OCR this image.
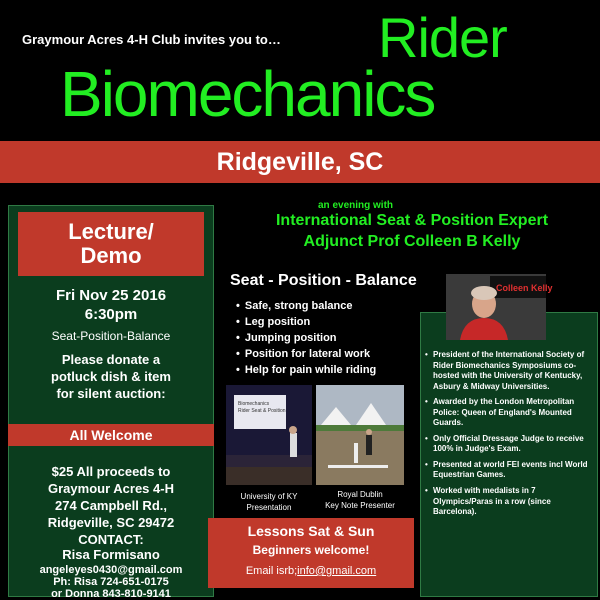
Graymour Acres 4-H Club invites you to… Rider
Biomechanics
Ridgeville, SC
an evening with
International Seat & Position Expert
Adjunct Prof Colleen B Kelly
Lecture/
Demo
Fri Nov 25 2016
6:30pm
Seat-Position-Balance
Please donate a
potluck dish & item
for silent auction:
All Welcome
$25 All proceeds to
Graymour Acres 4-H
274 Campbell Rd.,
Ridgeville, SC 29472
CONTACT:
Risa Formisano
angeleyes0430@gmail.com
Ph: Risa 724-651-0175
or Donna 843-810-9141
Seat - Position - Balance
• Safe, strong balance
• Leg position
• Jumping position
• Position for lateral work
• Help for pain while riding
Biomechanics
Rider Seat & Position
University of KY
Presentation
Royal Dublin
Key Note Presenter
Lessons Sat & Sun
Beginners welcome!
Email isrb;info@gmail.com
Colleen Kelly
• President of the International Society of Rider Biomechanics Symposiums co-hosted with the University of Kentucky, Asbury & Midway Universities.
• Awarded by the London Metropolitan Police: Queen of England's Mounted Guards.
• Only Official Dressage Judge to receive 100% in Judge's Exam.
• Presented at world FEI events incl World Equestrian Games.
• Worked with medalists in 7 Olympics/Paras in a row (since Barcelona).
